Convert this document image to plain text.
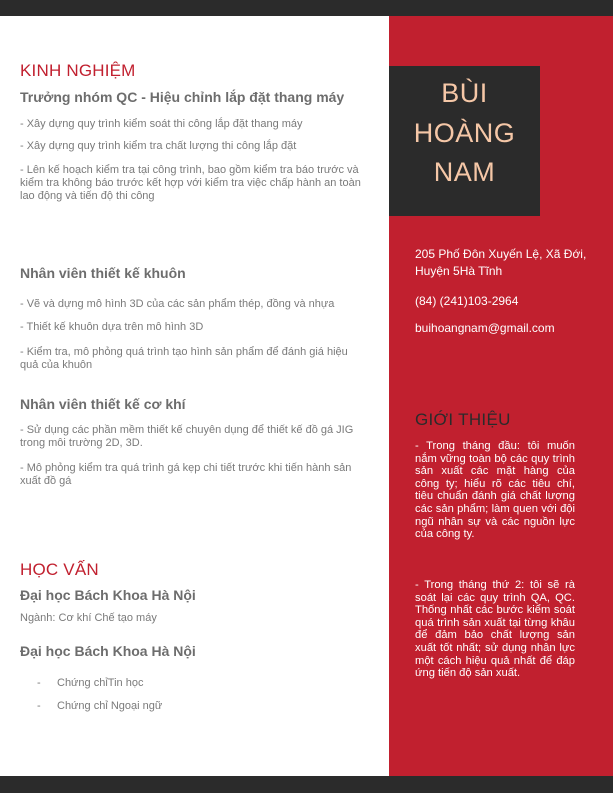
KINH NGHIỆM
Trưởng nhóm QC - Hiệu chỉnh lắp đặt thang máy
- Xây dựng quy trình kiểm soát thi công lắp đặt thang máy
- Xây dựng quy trình kiểm tra chất lượng thi công lắp đặt
- Lên kế hoạch kiểm tra tại công trình, bao gồm kiểm tra báo trước và kiểm tra không báo trước kết hợp với kiểm tra việc chấp hành an toàn lao động và tiến độ thi công
Nhân viên thiết kế khuôn
- Vẽ và dựng mô hình 3D của các sản phẩm thép, đồng và nhựa
- Thiết kế khuôn dựa trên mô hình 3D
- Kiểm tra, mô phỏng quá trình tạo hình sản phẩm để đánh giá hiệu quả của khuôn
Nhân viên thiết kế cơ khí
- Sử dụng các phần mềm thiết kế chuyên dụng để thiết kế đồ gá JIG trong môi trường 2D, 3D.
- Mô phỏng kiểm tra quá trình gá kẹp chi tiết trước khi tiến hành sản xuất đồ gá
HỌC VẤN
Đại học Bách Khoa Hà Nội
Ngành: Cơ khí Chế tạo máy
Đại học Bách Khoa Hà Nội
- Chứng chỉTin học
- Chứng chỉ Ngoại ngữ
BÙI
HOÀNG
NAM
205 Phố Đôn Xuyến Lệ, Xã Đới, Huyện 5Hà Tĩnh
(84) (241)103-2964
buihoangnam@gmail.com
GIỚI THIỆU
- Trong tháng đầu: tôi muốn nắm vững toàn bộ các quy trình sản xuất các mặt hàng của công ty; hiểu rõ các tiêu chí, tiêu chuẩn đánh giá chất lượng các sản phẩm; làm quen với đội ngũ nhân sự và các nguồn lực của công ty.
- Trong tháng thứ 2: tôi sẽ rà soát lại các quy trình QA, QC. Thống nhất các bước kiểm soát quá trình sản xuất tại từng khâu để đảm bảo chất lượng sản xuất tốt nhất; sử dụng nhân lực một cách hiệu quả nhất để đáp ứng tiến độ sản xuất.
